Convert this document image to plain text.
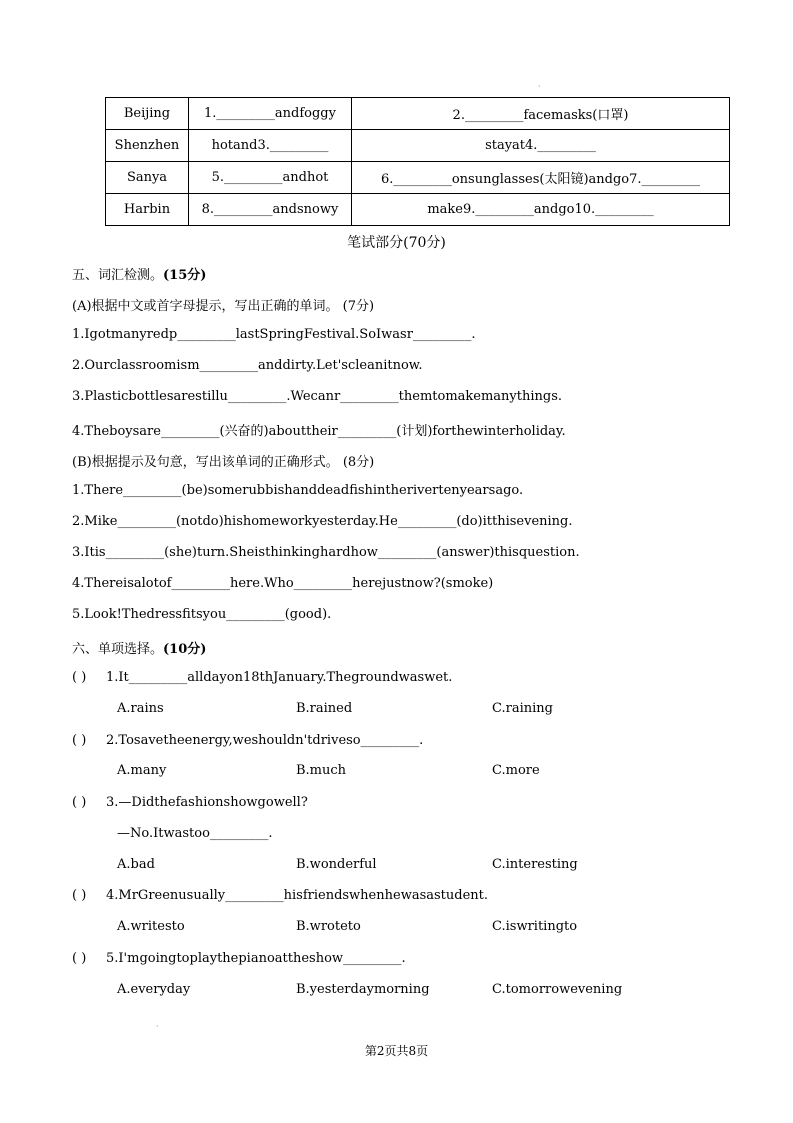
·
Beijing	1._________andfoggy	2._________facemasks(口罩)
Shenzhen	hotand3._________	stayat4._________
Sanya	5._________andhot	6._________onsunglasses(太阳镜)andgo7._________
Harbin	8._________andsnowy	make9._________andgo10._________
笔试部分(70分)
五、词汇检测。(15分)
(A)根据中文或首字母提示，写出正确的单词。 (7分)
1.Igotmanyredp_________lastSpringFestival.SoIwasr_________.
2.Ourclassroomism_________anddirty.Let'scleanitnow.
3.Plasticbottlesarestillu_________.Wecanr_________themtomakemanythings.
4.Theboysare_________(兴奋的)abouttheir_________(计划)forthewinterholiday.
(B)根据提示及句意，写出该单词的正确形式。 (8分)
1.There_________(be)somerubbishanddeadfishintherivertenyearsago.
2.Mike_________(notdo)hishomeworkyesterday.He_________(do)itthisevening.
3.Itis_________(she)turn.Sheisthinkinghardhow_________(answer)thisquestion.
4.Thereisalotof_________here.Who_________herejustnow?(smoke)
5.Look!Thedressfitsyou_________(good).
六、单项选择。(10分)
( ) 1.It_________alldayon18thJanuary.Thegroundwaswet.
A.rains	B.rained	C.raining
( ) 2.Tosavetheenergy,weshouldn'tdriveso_________.
A.many	B.much	C.more
( ) 3.—Didthefashionshowgowell?
—No.Itwastoo_________.
A.bad	B.wonderful	C.interesting
( ) 4.MrGreenusually_________hisfriendswhenhewasastudent.
A.writesto	B.wroteto	C.iswritingto
( ) 5.I'mgoingtoplaythepianoattheshow_________.
A.everyday	B.yesterdaymorning	C.tomorrowevening
·
第2页共8页
